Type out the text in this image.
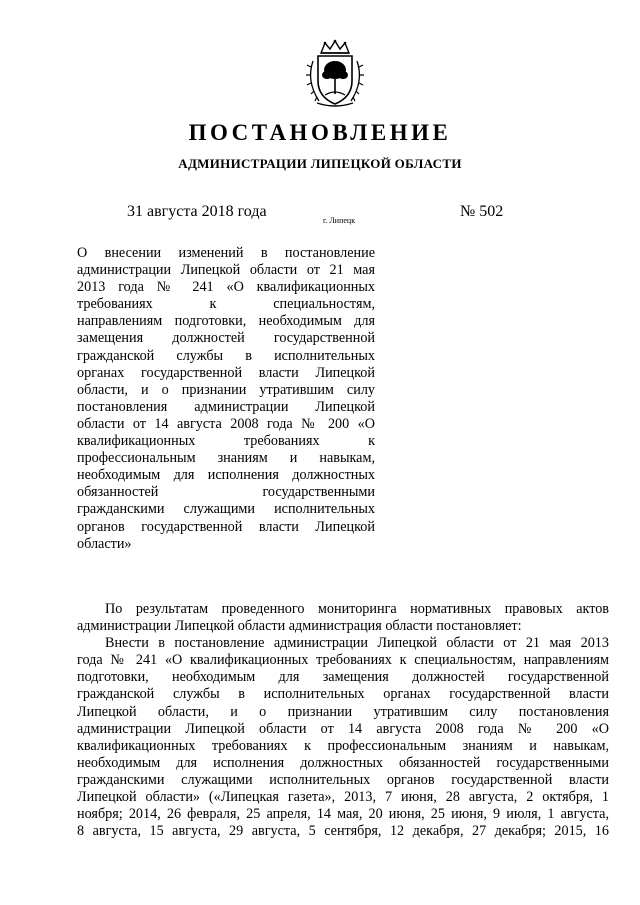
ПОСТАНОВЛЕНИЕ
АДМИНИСТРАЦИИ ЛИПЕЦКОЙ ОБЛАСТИ
31 августа 2018 года
г. Липецк
№ 502
О внесении изменений в постановление
администрации Липецкой области от 21 мая
2013 года № 241 «О квалификационных
требованиях к специальностям,
направлениям подготовки, необходимым для
замещения должностей государственной
гражданской службы в исполнительных
органах государственной власти Липецкой
области, и о признании утратившим силу
постановления администрации Липецкой
области от 14 августа 2008 года № 200 «О
квалификационных требованиях к
профессиональным знаниям и навыкам,
необходимым для исполнения должностных
обязанностей государственными
гражданскими служащими исполнительных
органов государственной власти Липецкой
области»
По результатам проведенного мониторинга нормативных правовых актов
администрации Липецкой области администрация области постановляет:
Внести в постановление администрации Липецкой области от 21 мая 2013
года № 241 «О квалификационных требованиях к специальностям, направлениям
подготовки, необходимым для замещения должностей государственной
гражданской службы в исполнительных органах государственной власти
Липецкой области, и о признании утратившим силу постановления
администрации Липецкой области от 14 августа 2008 года № 200 «О
квалификационных требованиях к профессиональным знаниям и навыкам,
необходимым для исполнения должностных обязанностей государственными
гражданскими служащими исполнительных органов государственной власти
Липецкой области» («Липецкая газета», 2013, 7 июня, 28 августа, 2 октября, 1
ноября; 2014, 26 февраля, 25 апреля, 14 мая, 20 июня, 25 июня, 9 июля, 1 августа,
8 августа, 15 августа, 29 августа, 5 сентября, 12 декабря, 27 декабря; 2015, 16
